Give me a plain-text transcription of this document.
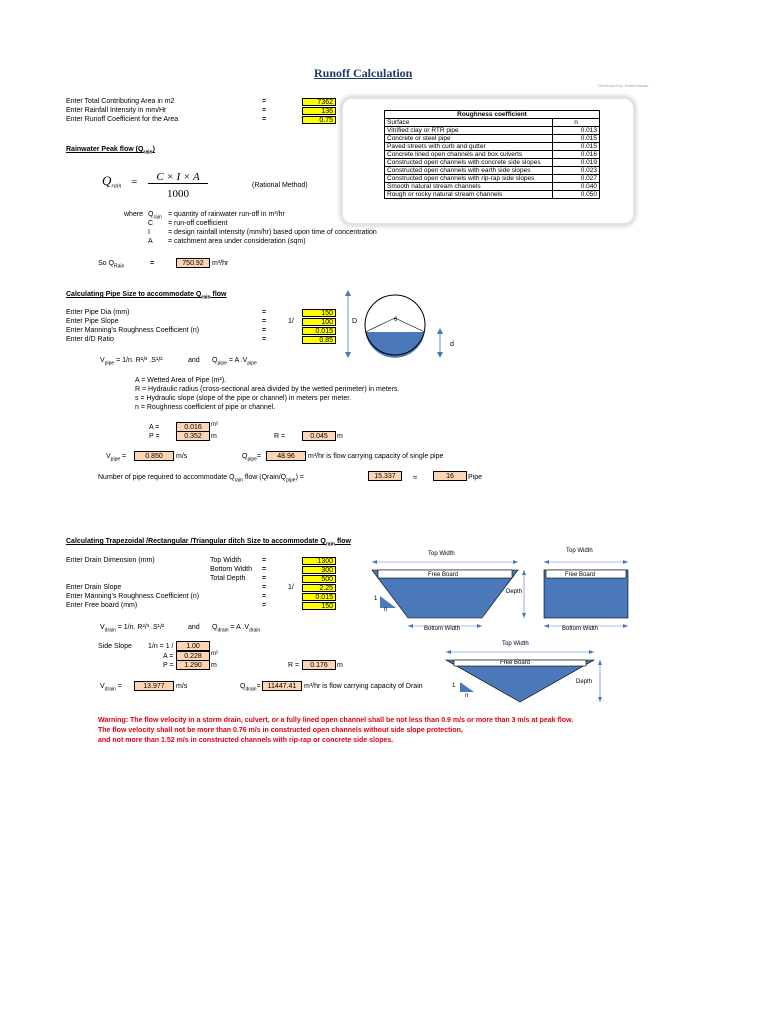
Runoff Calculation
Developed by: Sadia Nawab
Enter Total Contributing Area in m2	=	7362
Enter Rainfall Intensity in mm/Hr	=	136
Enter Runoff Coefficient for the Area	=	0.75
Roughness coefficient	
Surface	n
Vitrified clay or RTR pipe	0.013
Concrete or steel pipe	0.015
Paved streets with curb and gutter	0.015
Concrete lined open channels and box culverts	0.016
Constructed open channels with concrete side slopes	0.019
Constructed open channels with earth side slopes	0.023
Constructed open channels with rip-rap side slopes	0.027
Smooth natural stream channels	0.040
Rough or rocky natural stream channels	0.050
Rainwater Peak flow $(Q_{rain})$
$Q_{rain}$ =	C × I × A
1000
(Rational Method)
where $Q_{rain}$ = quantity of rainwater run-off in m³/hr
C = run-off coefficient
I	= design rainfall intensity (mm/hr) based upon time of concentration
A = catchment area under consideration (sqm)
So $Q_{Rain}$	=	750.92	m³/hr
Calculating Pipe Size to accommodate $Q_{rain}$ flow
Enter Pipe Dia (mm)	=	150
Enter Pipe Slope	=	1/	100
Enter Manning's Roughness Coefficient (n)	=	0.015
Enter d/D Ratio	=	0.85
D	θ
d
$V_{pipe} = 1/n$. R²/³ .S¹/²	and $Q_{pipe} = A$ $.V_{pipe}$
A = Wetted Area of Pipe (m²).
R = Hydraulic radius (cross-sectional area divided by the wetted perimeter) in meters.
s = Hydraulic slope (slope of the pipe or channel) in meters per meter.
n = Roughness coefficient of pipe or channel.
A =	0.016	m²
P =	0.352	m	R =	0.045	m
$V_{pipe}$ =	0.850	m/s	$Q_{pipe}=$	48.96	m³/hr is flow carrying capacity of single pipe
Number of pipe required to accommodate $Q_{rain}$ flow $(Qrain/Q_{pipe})$ =	15.337	≈	16	Pipe
Calculating Trapezoidal /Rectangular /Triangular ditch Size to accommodate $Q_{rain}$ flow
Enter Drain Dimension (mm)	Top Width	=	1300
Bottom Width =	300
Total Depth =	500
Enter Drain Slope	=	1/	2.25
Enter Manning's Roughness Coefficient (n)	=	0.015
Enter Free board (mm)	=	150
Top Width
Free Board
Depth
Bottom Width
1
n
Top Width
Free Board
Bottom Width
Top Width
Free Board
Depth
1
n
$V_{drain} = 1/n$. R²/³ .S¹/²	and $Q_{drain} = A$ $.V_{drain}$
Side Slope 1/n = 1 /	1.00
A =	0.228	m²
P =	1.290	m	R =	0.176	m
$V_{drain}$ =	13.977	m/s	$Q_{drain}= 11447.41$	m³/hr is flow carrying capacity of Drain
Warning: The flow velocity in a storm drain, culvert, or a fully lined open channel shall be not less than 0.9 m/s or more than 3 m/s at peak flow.
The flow velocity shall not be more than 0.76 m/s in constructed open channels without side slope protection,
and not more than 1.52 m/s in constructed channels with rip-rap or concrete side slopes.
